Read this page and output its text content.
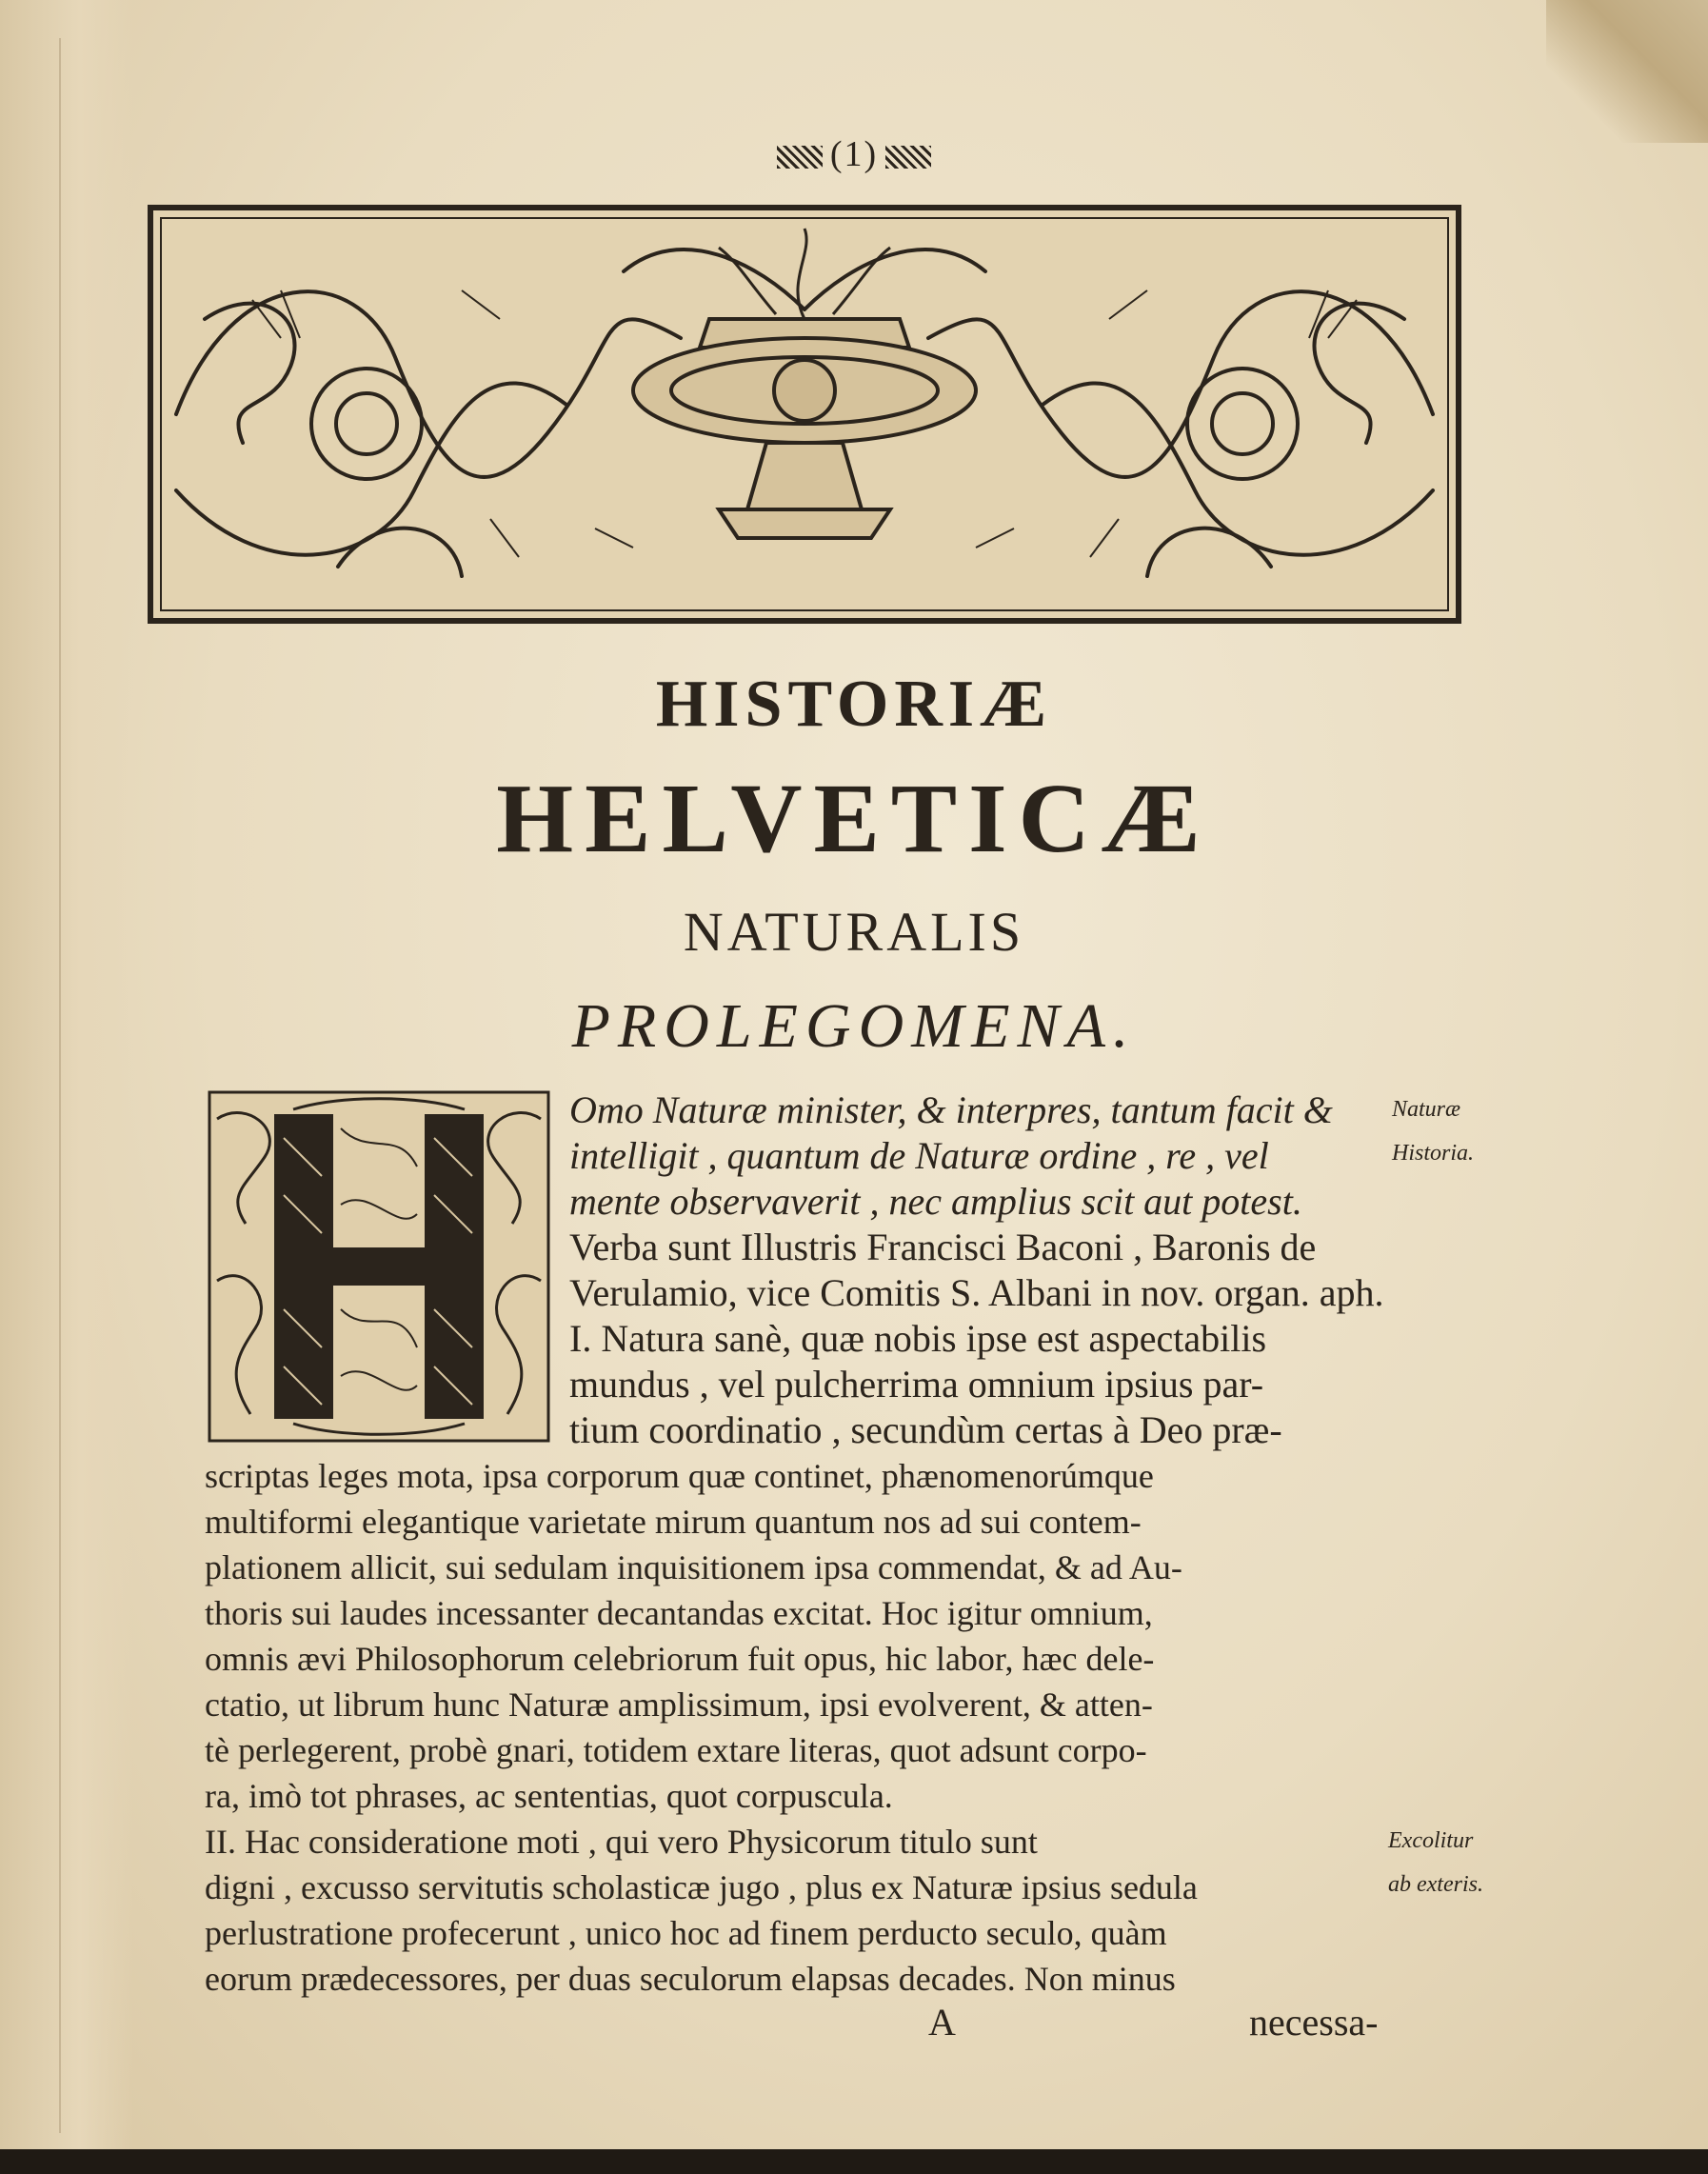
(1)
HISTORIÆ
HELVETICÆ
NATURALIS
PROLEGOMENA.
Omo Naturæ minister, & interpres, tantum facit &
intelligit , quantum de Naturæ ordine , re , vel
mente observaverit , nec amplius scit aut potest.
Verba sunt Illustris Francisci Baconi , Baronis de
Verulamio, vice Comitis S. Albani in nov. organ. aph.
I. Natura sanè, quæ nobis ipse est aspectabilis
mundus , vel pulcherrima omnium ipsius par-
tium coordinatio , secundùm certas à Deo præ-
scriptas leges mota, ipsa corporum quæ continet, phænomenorúmque
multiformi elegantique varietate mirum quantum nos ad sui contem-
plationem allicit, sui sedulam inquisitionem ipsa commendat, & ad Au-
thoris sui laudes incessanter decantandas excitat. Hoc igitur omnium,
omnis ævi Philosophorum celebriorum fuit opus, hic labor, hæc dele-
ctatio, ut librum hunc Naturæ amplissimum, ipsi evolverent, & atten-
tè perlegerent, probè gnari, totidem extare literas, quot adsunt corpo-
ra, imò tot phrases, ac sententias, quot corpuscula.
II. Hac consideratione moti , qui vero Physicorum titulo sunt
digni , excusso servitutis scholasticæ jugo , plus ex Naturæ ipsius sedula
perlustratione profecerunt , unico hoc ad finem perducto seculo, quàm
eorum prædecessores, per duas seculorum elapsas decades. Non minus
Naturæ
Historia.
Excolitur
ab exteris.
A	necessa-
